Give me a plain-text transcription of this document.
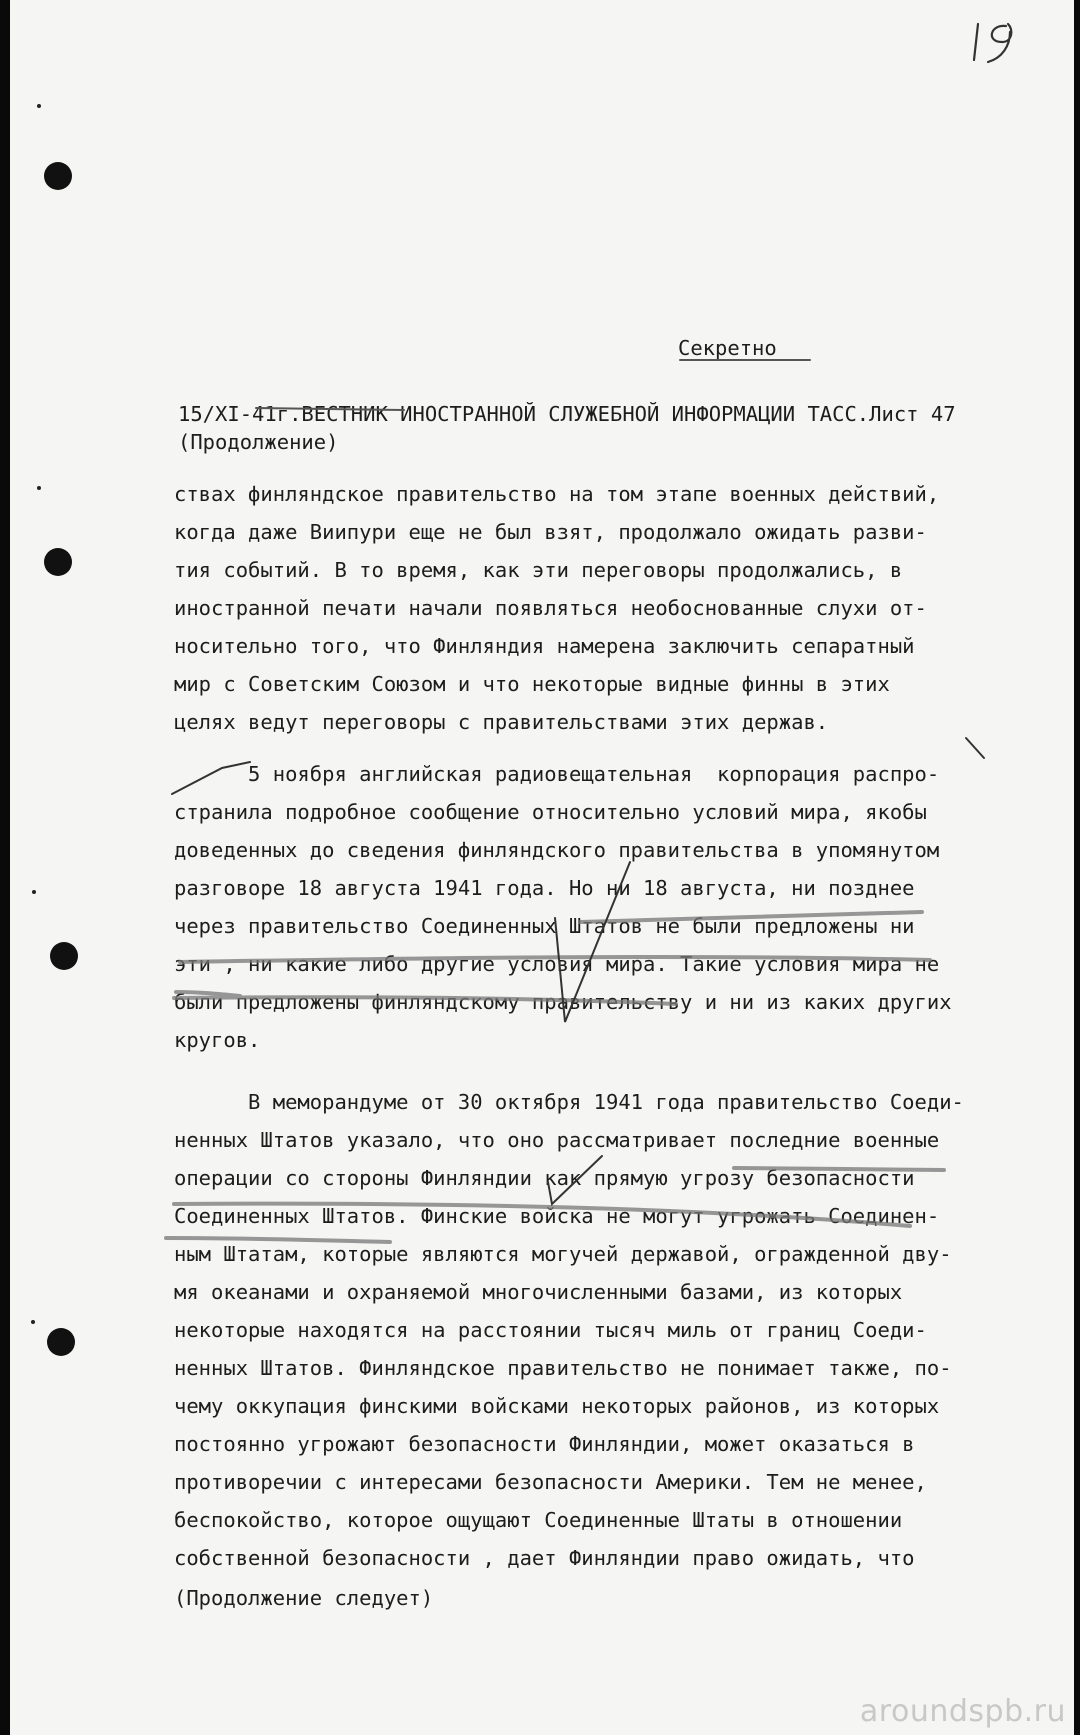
Секретно
15/XI-41г.ВЕСТНИК ИНОСТРАННОЙ СЛУЖЕБНОЙ ИНФОРМАЦИИ ТАСС.Лист 47
(Продолжение)
ствах финляндское правительство на том этапе военных действий,
когда даже Виипури еще не был взят, продолжало ожидать разви-
тия событий. В то время, как эти переговоры продолжались, в
иностранной печати начали появляться необоснованные слухи от-
носительно того, что Финляндия намерена заключить сепаратный
мир с Советским Союзом и что некоторые видные финны в этих
целях ведут переговоры с правительствами этих держав.
5 ноября английская радиовещательная  корпорация распро-
странила подробное сообщение относительно условий мира, якобы
доведенных до сведения финляндского правительства в упомянутом
разговоре 18 августа 1941 года. Но ни 18 августа, ни позднее
через правительство Соединенных Штатов не были предложены ни
эти , ни какие либо другие условия мира. Такие условия мира не
были предложены финляндскому правительству и ни из каких других
кругов.
В меморандуме от 30 октября 1941 года правительство Соеди-
ненных Штатов указало, что оно рассматривает последние военные
операции со стороны Финляндии как прямую угрозу безопасности
Соединенных Штатов. Финские войска не могут угрожать Соединен-
ным Штатам, которые являются могучей державой, огражденной дву-
мя океанами и охраняемой многочисленными базами, из которых
некоторые находятся на расстоянии тысяч миль от границ Соеди-
ненных Штатов. Финляндское правительство не понимает также, по-
чему оккупация финскими войсками некоторых районов, из которых
постоянно угрожают безопасности Финляндии, может оказаться в
противоречии с интересами безопасности Америки. Тем не менее,
беспокойство, которое ощущают Соединенные Штаты в отношении
собственной безопасности , дает Финляндии право ожидать, что
(Продолжение следует)
aroundspb.ru
